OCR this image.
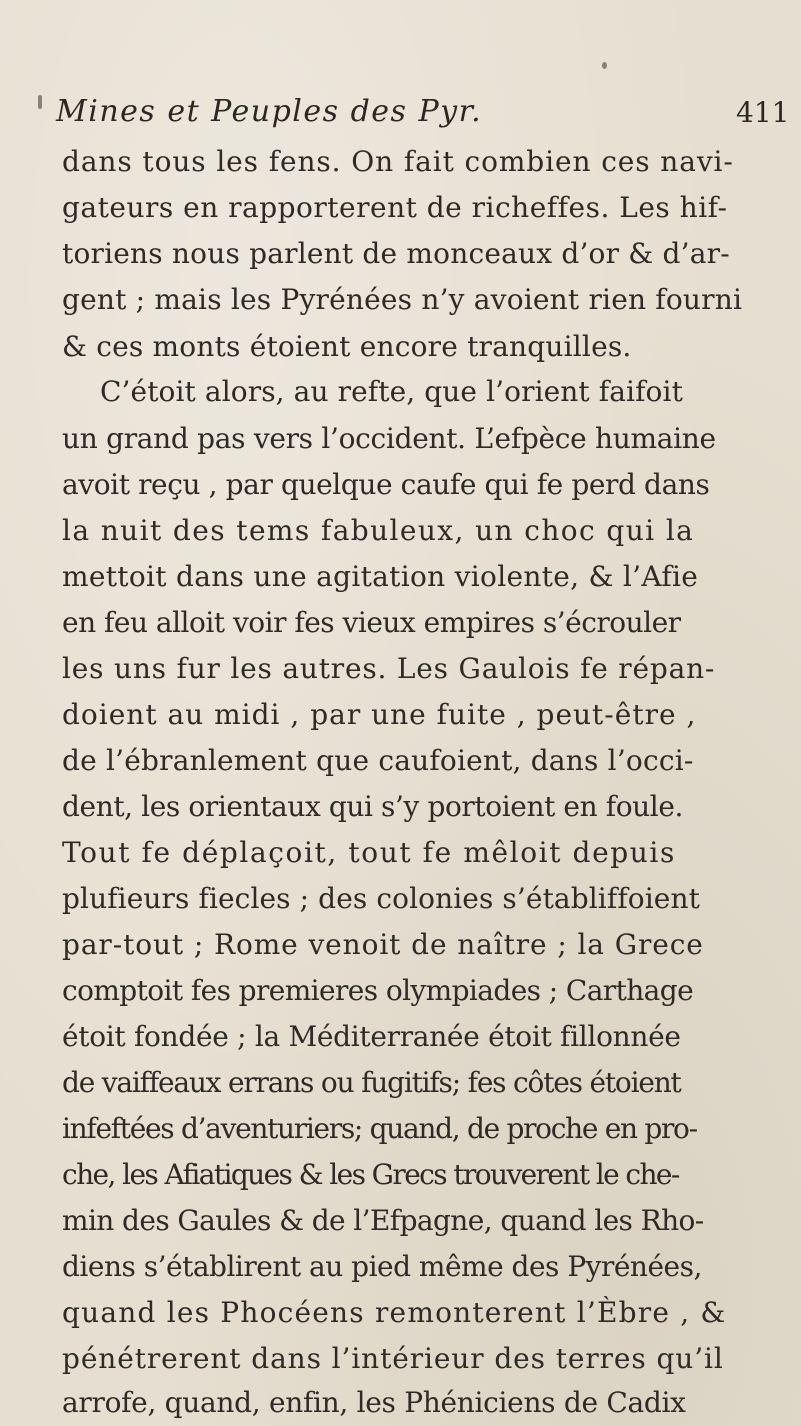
Mines et Peuples des Pyr.	411
dans tous les fens. On fait combien ces navi-
gateurs en rapporterent de richeffes. Les hif-
toriens nous parlent de monceaux d’or & d’ar-
gent ; mais les Pyrénées n’y avoient rien fourni
& ces monts étoient encore tranquilles.
C’étoit alors, au refte, que l’orient faifoit
un grand pas vers l’occident. L’efpèce humaine
avoit reçu , par quelque caufe qui fe perd dans
la nuit des tems fabuleux, un choc qui la
mettoit dans une agitation violente, & l’Afie
en feu alloit voir fes vieux empires s’écrouler
les uns fur les autres. Les Gaulois fe répan-
doient au midi , par une fuite , peut-être ,
de l’ébranlement que caufoient, dans l’occi-
dent, les orientaux qui s’y portoient en foule.
Tout fe déplaçoit, tout fe mêloit depuis
plufieurs fiecles ; des colonies s’établiffoient
par-tout ; Rome venoit de naître ; la Grece
comptoit fes premieres olympiades ; Carthage
étoit fondée ; la Méditerranée étoit fillonnée
de vaiffeaux errans ou fugitifs; fes côtes étoient
infeftées d’aventuriers; quand, de proche en pro-
che, les Afiatiques & les Grecs trouverent le che-
min des Gaules & de l’Efpagne, quand les Rho-
diens s’établirent au pied même des Pyrénées,
quand les Phocéens remonterent l’Èbre , &
pénétrerent dans l’intérieur des terres qu’il
arrofe, quand, enfin, les Phéniciens de Cadix
